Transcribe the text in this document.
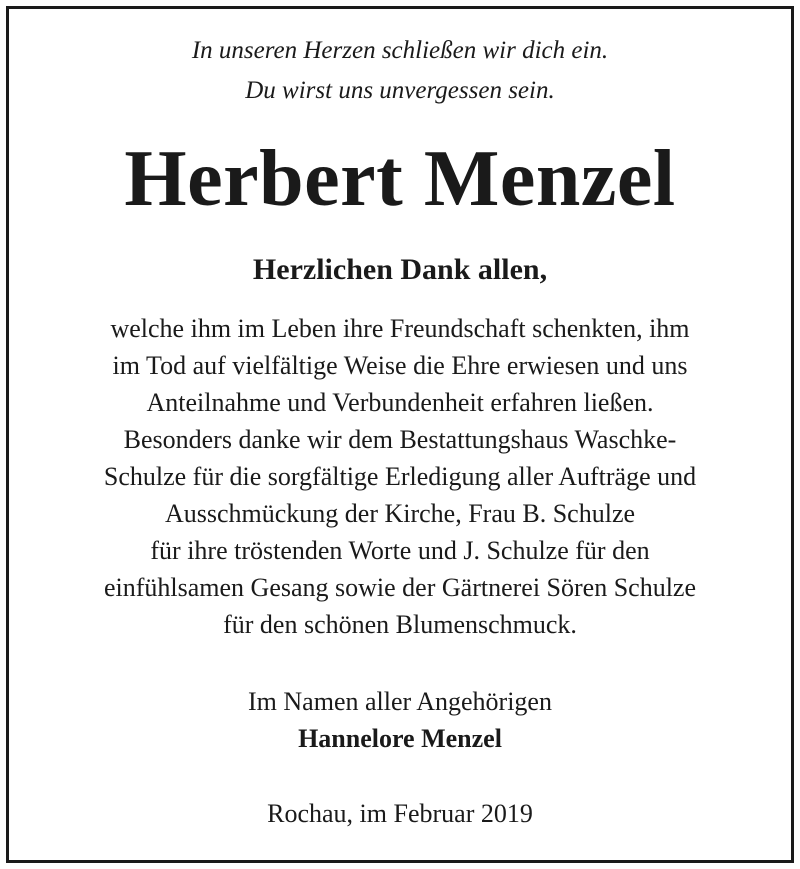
In unseren Herzen schließen wir dich ein.
Du wirst uns unvergessen sein.
Herbert Menzel
Herzlichen Dank allen,
welche ihm im Leben ihre Freundschaft schenkten, ihm
im Tod auf vielfältige Weise die Ehre erwiesen und uns
Anteilnahme und Verbundenheit erfahren ließen.
Besonders danke wir dem Bestattungshaus Waschke-
Schulze für die sorgfältige Erledigung aller Aufträge und
Ausschmückung der Kirche, Frau B. Schulze
für ihre tröstenden Worte und J. Schulze für den
einfühlsamen Gesang sowie der Gärtnerei Sören Schulze
für den schönen Blumenschmuck.
Im Namen aller Angehörigen
Hannelore Menzel
Rochau, im Februar 2019
